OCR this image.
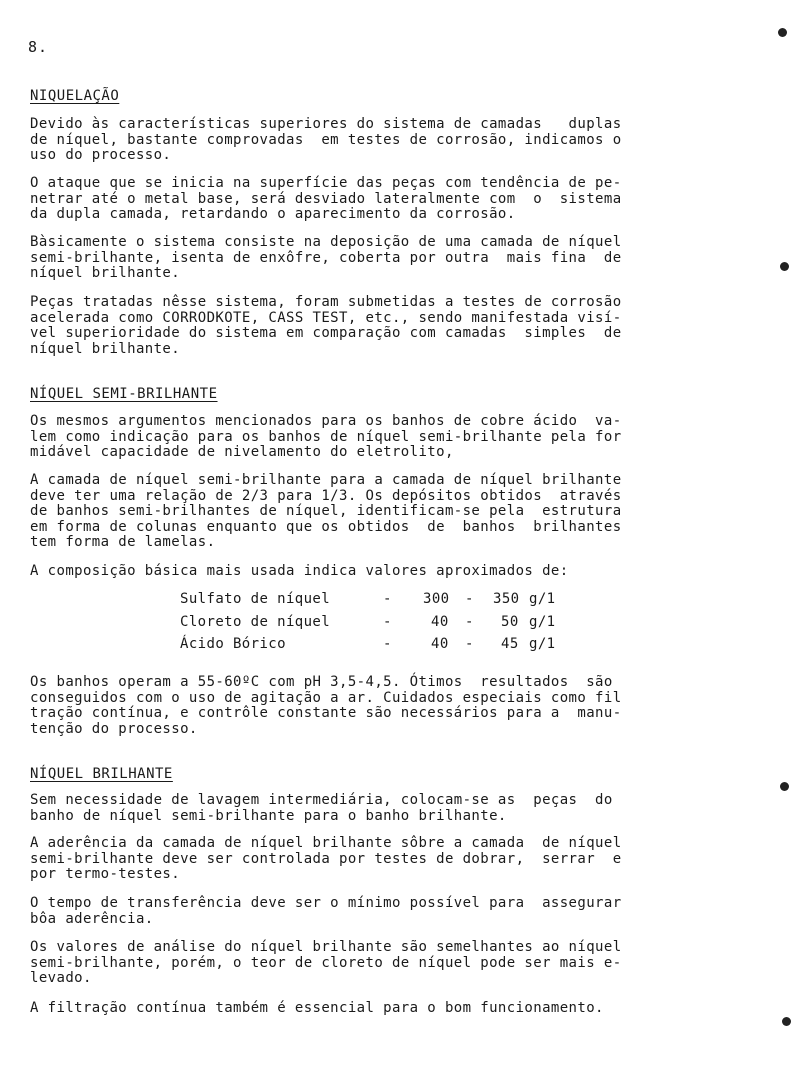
8.
NIQUELAÇÃO
Devido às características superiores do sistema de camadas   duplas
de níquel, bastante comprovadas  em testes de corrosão, indicamos o
uso do processo.
O ataque que se inicia na superfície das peças com tendência de pe-
netrar até o metal base, será desviado lateralmente com  o  sistema
da dupla camada, retardando o aparecimento da corrosão.
Bàsicamente o sistema consiste na deposição de uma camada de níquel
semi-brilhante, isenta de enxôfre, coberta por outra  mais fina  de
níquel brilhante.
Peças tratadas nêsse sistema, foram submetidas a testes de corrosão
acelerada como CORRODKOTE, CASS TEST, etc., sendo manifestada visí-
vel superioridade do sistema em comparação com camadas  simples  de
níquel brilhante.
NÍQUEL SEMI-BRILHANTE
Os mesmos argumentos mencionados para os banhos de cobre ácido  va-
lem como indicação para os banhos de níquel semi-brilhante pela for
midável capacidade de nivelamento do eletrolito,
A camada de níquel semi-brilhante para a camada de níquel brilhante
deve ter uma relação de 2/3 para 1/3. Os depósitos obtidos  através
de banhos semi-brilhantes de níquel, identificam-se pela  estrutura
em forma de colunas enquanto que os obtidos  de  banhos  brilhantes
tem forma de lamelas.
A composição básica mais usada indica valores aproximados de:
Sulfato de níquel	- 300 - 350 g/1
Cloreto de níquel	-	40 - 50 g/1
Ácido Bórico	-	40 - 45 g/1
Os banhos operam a 55-60ºC com pH 3,5-4,5. Ótimos  resultados  são
conseguidos com o uso de agitação a ar. Cuidados especiais como fil
tração contínua, e contrôle constante são necessários para a  manu-
tenção do processo.
NÍQUEL BRILHANTE
Sem necessidade de lavagem intermediária, colocam-se as  peças  do
banho de níquel semi-brilhante para o banho brilhante.
A aderência da camada de níquel brilhante sôbre a camada  de níquel
semi-brilhante deve ser controlada por testes de dobrar,  serrar  e
por termo-testes.
O tempo de transferência deve ser o mínimo possível para  assegurar
bôa aderência.
Os valores de análise do níquel brilhante são semelhantes ao níquel
semi-brilhante, porém, o teor de cloreto de níquel pode ser mais e-
levado.
A filtração contínua também é essencial para o bom funcionamento.
